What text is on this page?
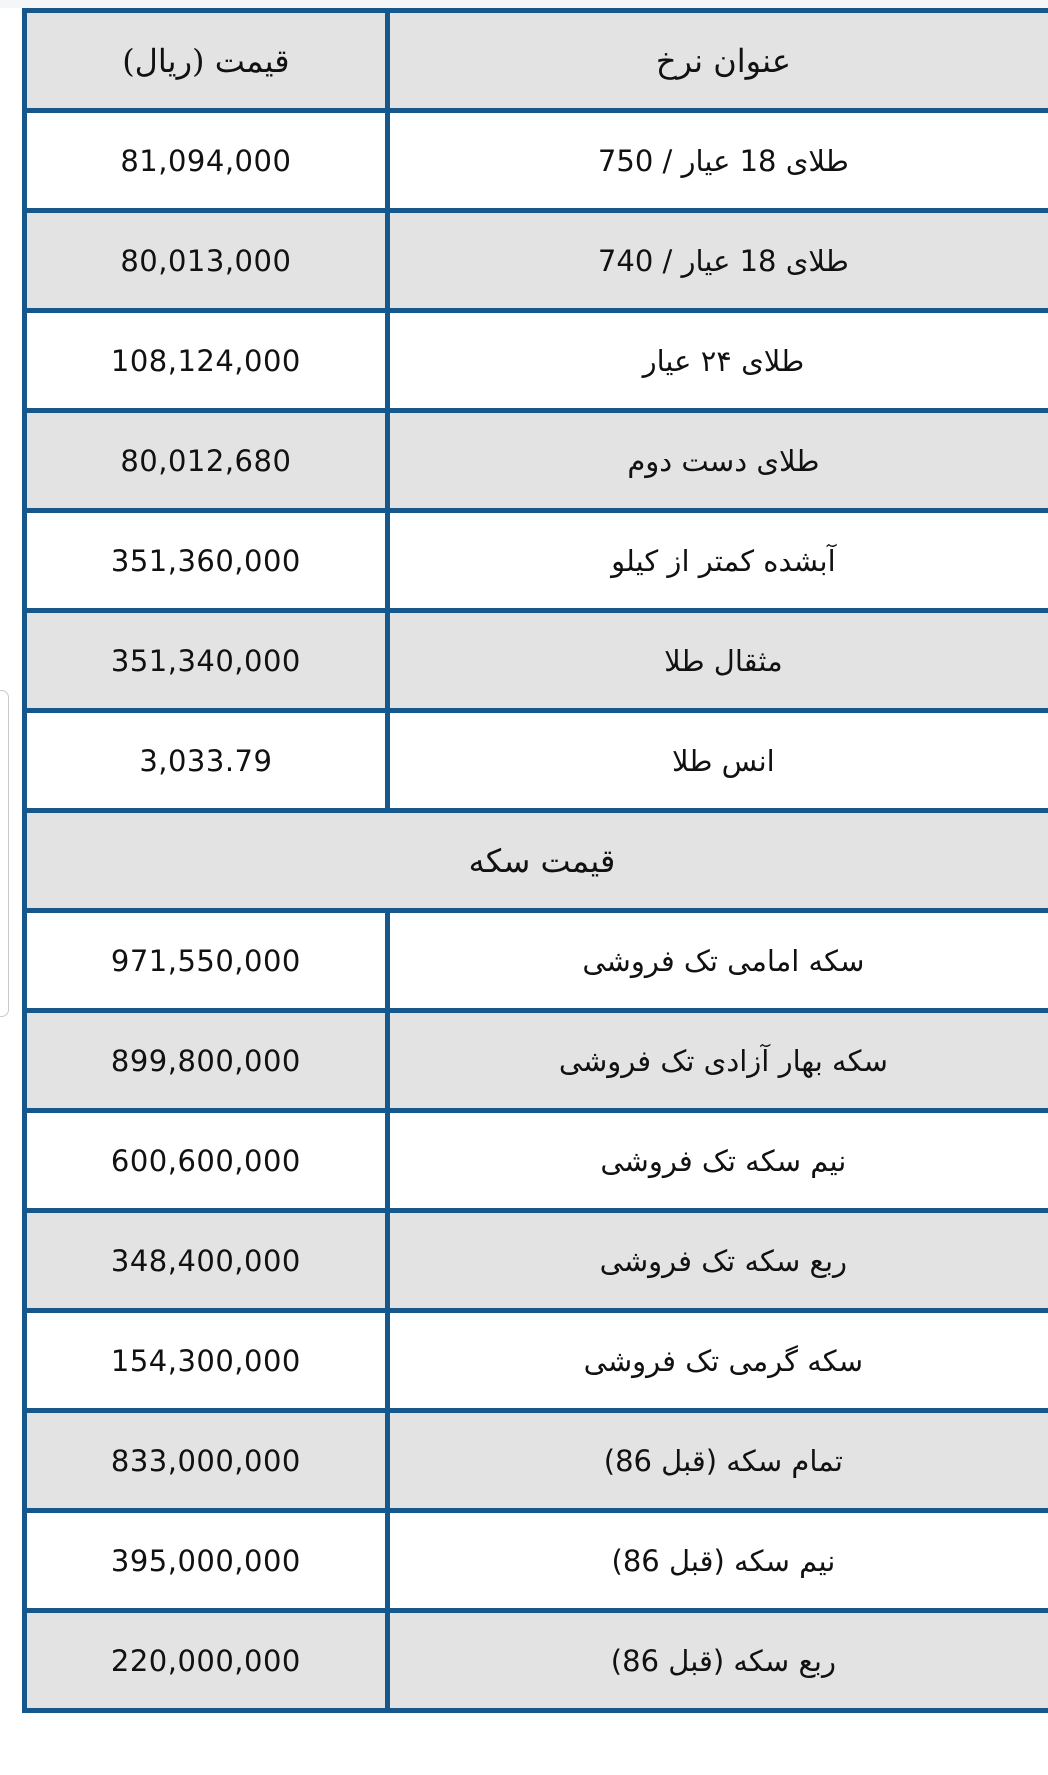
عنوان نرخ	قیمت (ریال)
طلای 18 عیار / 750	81,094,000
طلای 18 عیار / 740	80,013,000
طلای ۲۴ عیار	108,124,000
طلای دست دوم	80,012,680
آبشده کمتر از کیلو	351,360,000
مثقال طلا	351,340,000
انس طلا	3,033.79
قیمت سکه	
سکه امامی تک فروشی	971,550,000
سکه بهار آزادی تک فروشی	899,800,000
نیم سکه تک فروشی	600,600,000
ربع سکه تک فروشی	348,400,000
سکه گرمی تک فروشی	154,300,000
تمام سکه (قبل 86)	833,000,000
نیم سکه (قبل 86)	395,000,000
ربع سکه (قبل 86)	220,000,000
